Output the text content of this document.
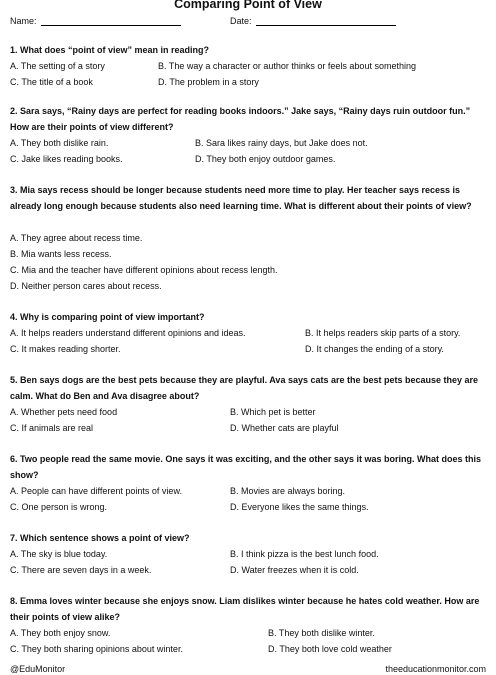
Comparing Point of View
Name:	Date:
1. What does “point of view” mean in reading?
A. The setting of a story	B. The way a character or author thinks or feels about something
C. The title of a book	D. The problem in a story
2. Sara says, “Rainy days are perfect for reading books indoors.” Jake says, “Rainy days ruin outdoor fun.” How are their points of view different?
A. They both dislike rain.	B. Sara likes rainy days, but Jake does not.
C. Jake likes reading books.	D. They both enjoy outdoor games.
3. Mia says recess should be longer because students need more time to play. Her teacher says recess is already long enough because students also need learning time. What is different about their points of view?
A. They agree about recess time.
B. Mia wants less recess.
C. Mia and the teacher have different opinions about recess length.
D. Neither person cares about recess.
4. Why is comparing point of view important?
A. It helps readers understand different opinions and ideas.	B. It helps readers skip parts of a story.
C. It makes reading shorter.	D. It changes the ending of a story.
5. Ben says dogs are the best pets because they are playful. Ava says cats are the best pets because they are calm. What do Ben and Ava disagree about?
A. Whether pets need food	B. Which pet is better
C. If animals are real	D. Whether cats are playful
6. Two people read the same movie. One says it was exciting, and the other says it was boring. What does this show?
A. People can have different points of view.	B. Movies are always boring.
C. One person is wrong.	D. Everyone likes the same things.
7. Which sentence shows a point of view?
A. The sky is blue today.	B. I think pizza is the best lunch food.
C. There are seven days in a week.	D. Water freezes when it is cold.
8. Emma loves winter because she enjoys snow. Liam dislikes winter because he hates cold weather. How are their points of view alike?
A. They both enjoy snow.	B. They both dislike winter.
C. They both sharing opinions about winter.	D. They both love cold weather
@EduMonitor	theeducationmonitor.com
